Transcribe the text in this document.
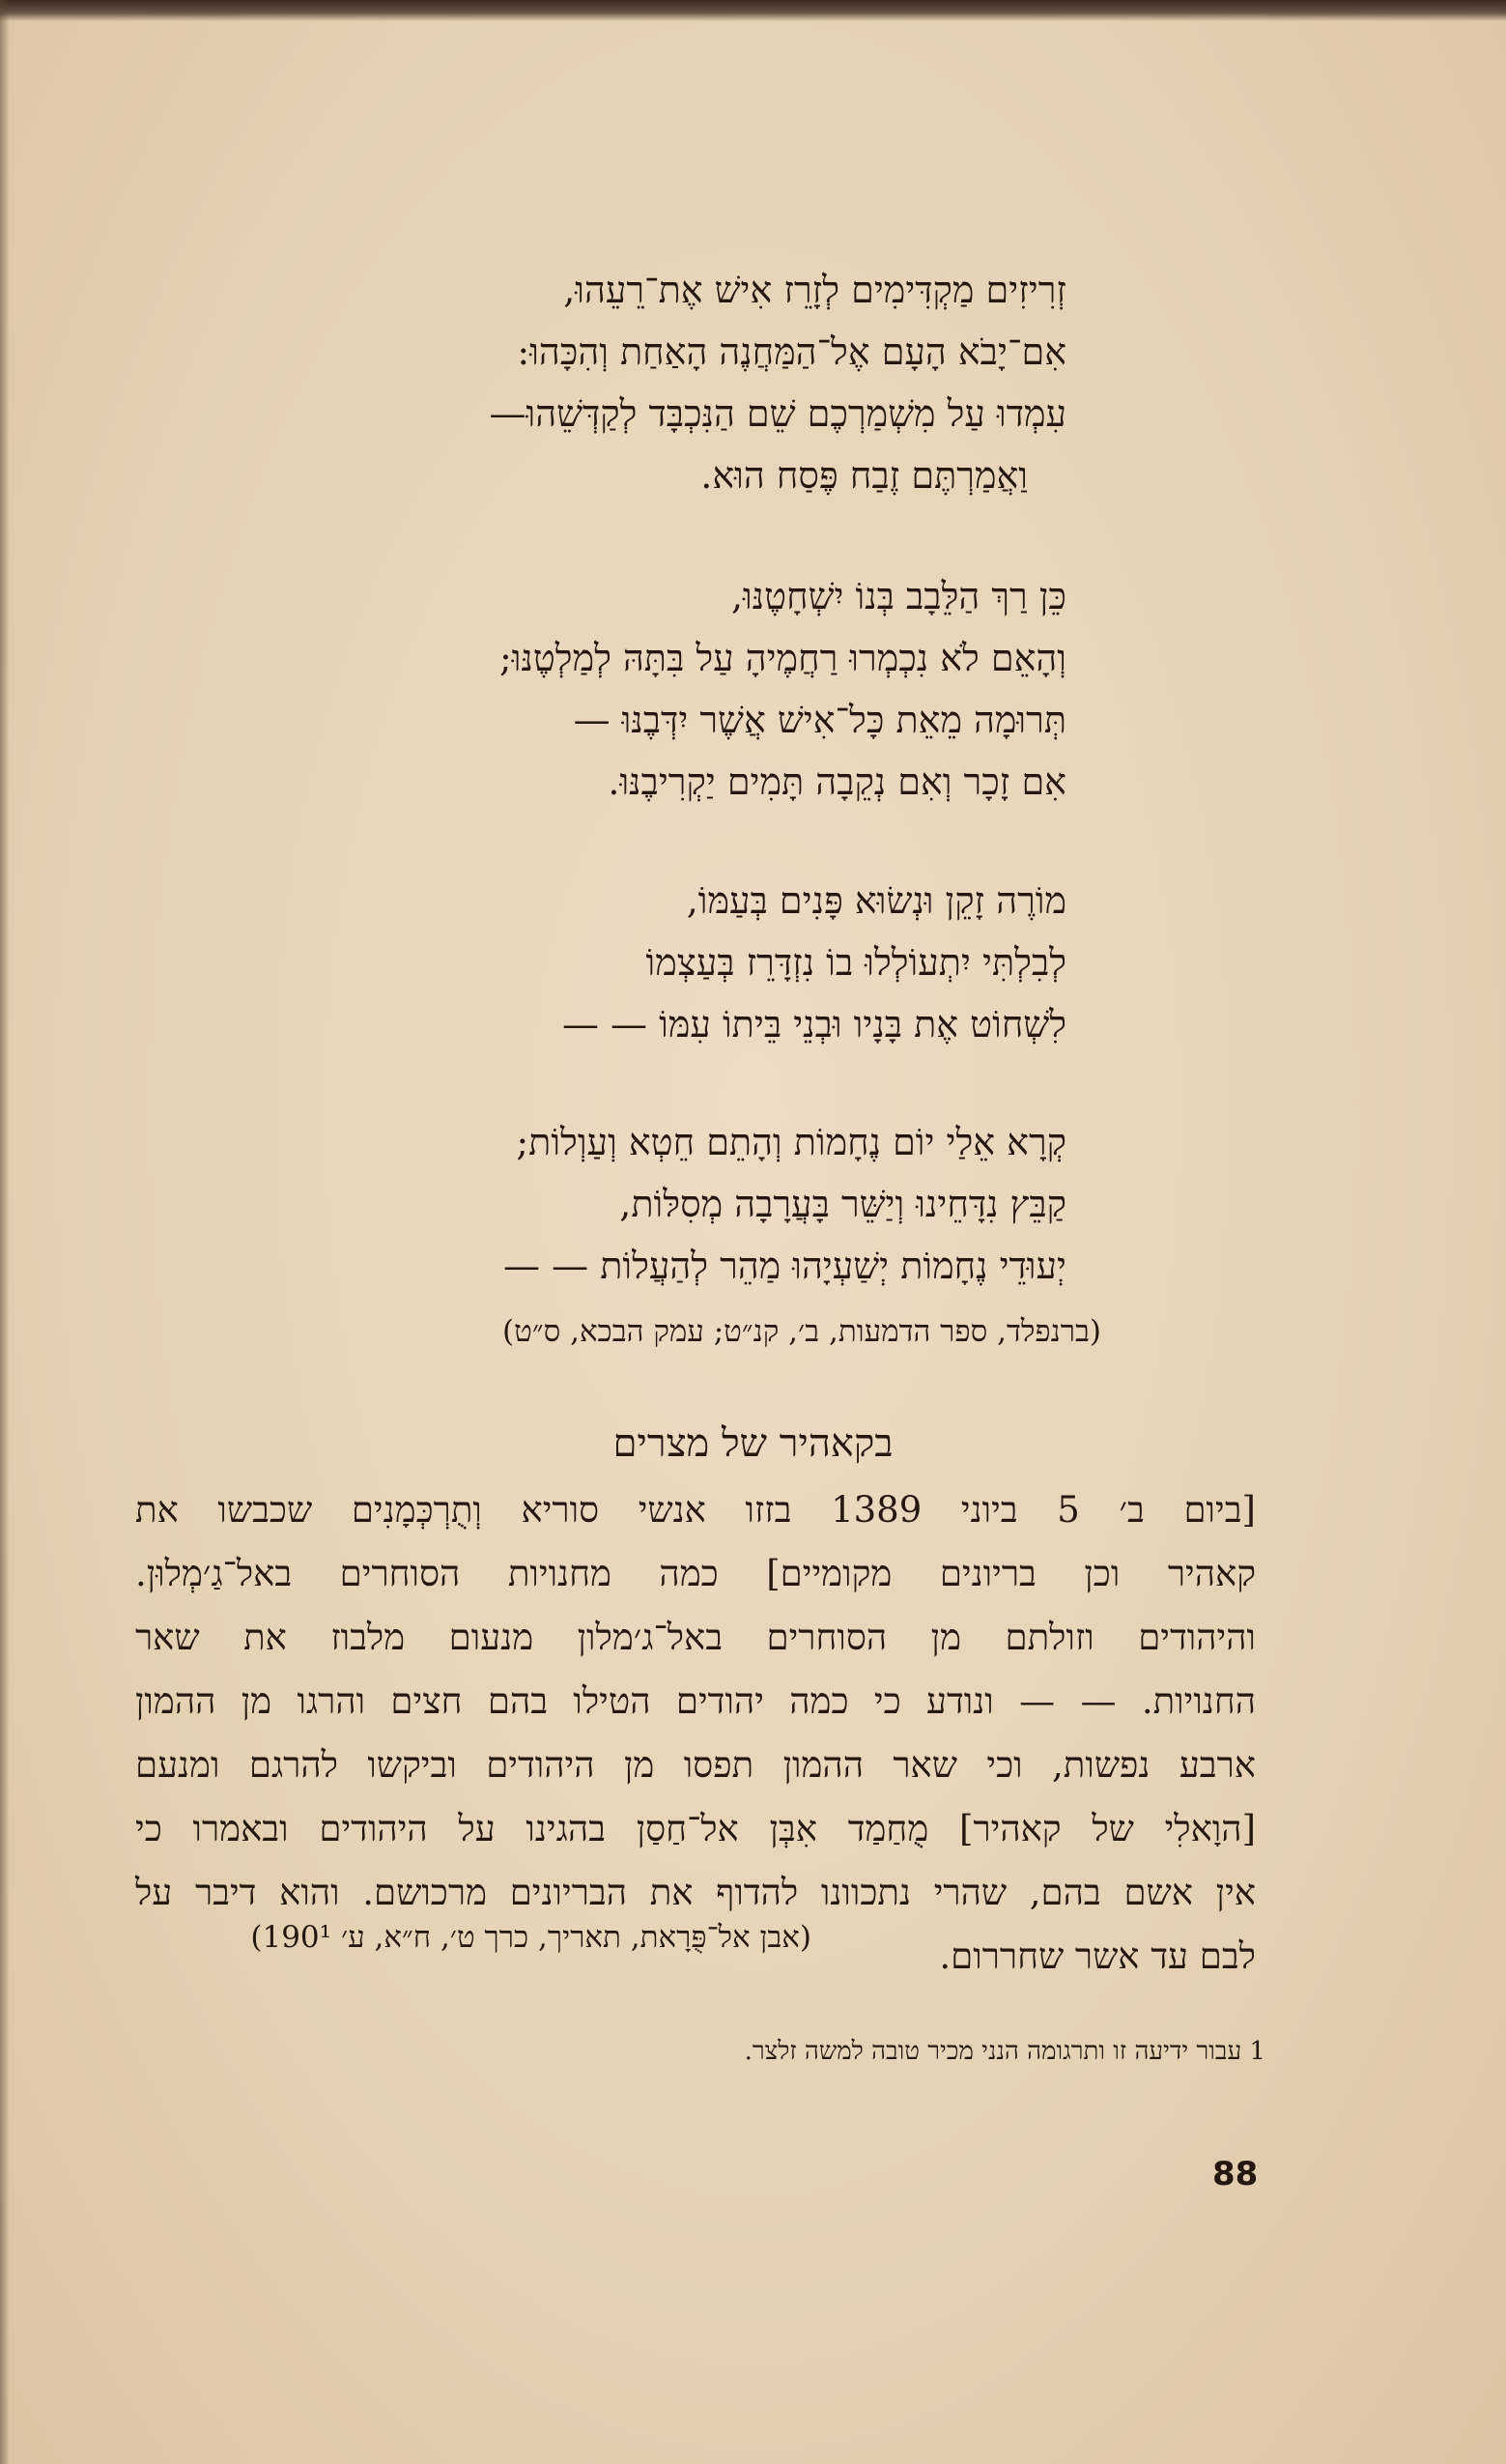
זְרִיזִים מַקְדִּימִים לְזָרֵז אִישׁ אֶת־רֵעֵהוּ,
אִם־יָבֹא הָעָם אֶל־הַמַּחֲנֶה הָאַחַת וְהִכָּהוּ:
עִמְדוּ עַל מִשְׁמַרְכֶם שֵׁם הַנִּכְבָּד לְקַדְּשֵׁהוּ—
וַאֲמַרְתֶּם זֶבַח פֶּסַח הוּא.
כֵּן רַךְ הַלֵּבָב בְּנוֹ יִשְׁחָטֶנּוּ,
וְהָאֵם לֹא נִכְמְרוּ רַחֲמֶיהָ עַל בִּתָּהּ לְמַלְטֶנּוּ;
תְּרוּמָה מֵאֵת כָּל־אִישׁ אֲשֶׁר יִדְּבֶנּוּ —
אִם זָכָר וְאִם נְקֵבָה תָּמִים יַקְרִיבֶנּוּ.
מוֹרֶה זָקֵן וּנְשׂוּא פָּנִים בְּעַמּוֹ,
לְבִלְתִּי יִתְעוֹלְלוּ בוֹ נִזְדָּרֵז בְּעַצְמוֹ
לִשְׁחוֹט אֶת בָּנָיו וּבְנֵי בֵּיתוֹ עִמּוֹ — —
קְרָא אֵלַי יוֹם נֶחָמוֹת וְהָתֵם חֵטְא וְעַוְלוֹת;
קַבֵּץ נִדָּחֵינוּ וְיַשֵּׁר בָּעֲרָבָה מְסִלּוֹת,
יְעוּדֵי נֶחָמוֹת יְשַׁעְיָהוּ מַהֵר לְהַעֲלוֹת — —
(ברנפלד, ספר הדמעות, ב׳, קנ״ט; עמק הבכא, ס״ט)
בקאהיר של מצרים
[ביום ב׳ 5 ביוני 1389 בזזו אנשי סוריא וְתֻרְכְּמָנִים שכבשו את
קאהיר וכן בריונים מקומיים] כמה מחנויות הסוחרים באל־גַ׳מְלוּן.
והיהודים וזולתם מן הסוחרים באל־ג׳מלון מנעום מלבוז את שאר
החנויות. — — ונודע כי כמה יהודים הטילו בהם חצים והרגו מן ההמון
ארבע נפשות, וכי שאר ההמון תפסו מן היהודים וביקשו להרגם ומנעם
[הוָאלִי של קאהיר] מֻחַמַד אִבְּן אל־חַסַן בהגינו על היהודים ובאמרו כי
אין אשם בהם, שהרי נתכוונו להדוף את הבריונים מרכושם. והוא דיבר על
לבם עד אשר שחררום.
(אבן אל־פֻּרָאת, תאריך, כרך ט׳, ח״א, ע׳ 190¹)
1 עבור ידיעה זו ותרגומה הנני מכיר טובה למשה זלצר.
88
